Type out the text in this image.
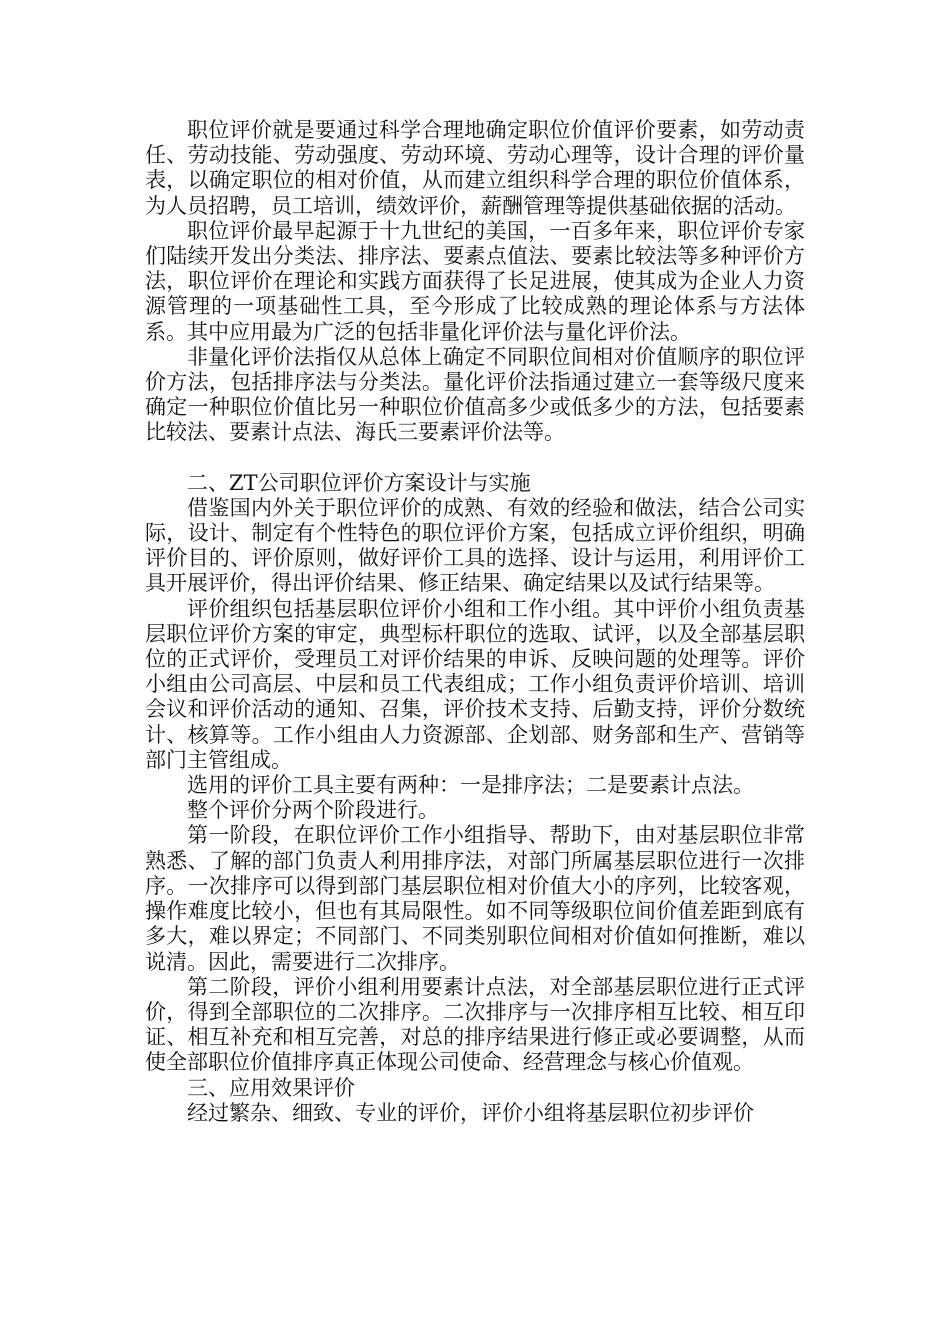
职位评价就是要通过科学合理地确定职位价值评价要素，如劳动责任、劳动技能、劳动强度、劳动环境、劳动心理等，设计合理的评价量表，以确定职位的相对价值，从而建立组织科学合理的职位价值体系，为人员招聘，员工培训，绩效评价，薪酬管理等提供基础依据的活动。

职位评价最早起源于十九世纪的美国，一百多年来，职位评价专家们陆续开发出分类法、排序法、要素点值法、要素比较法等多种评价方法，职位评价在理论和实践方面获得了长足进展，使其成为企业人力资源管理的一项基础性工具，至今形成了比较成熟的理论体系与方法体系。其中应用最为广泛的包括非量化评价法与量化评价法。

非量化评价法指仅从总体上确定不同职位间相对价值顺序的职位评价方法，包括排序法与分类法。量化评价法指通过建立一套等级尺度来确定一种职位价值比另一种职位价值高多少或低多少的方法，包括要素比较法、要素计点法、海氏三要素评价法等。

二、ZT公司职位评价方案设计与实施

借鉴国内外关于职位评价的成熟、有效的经验和做法，结合公司实际，设计、制定有个性特色的职位评价方案，包括成立评价组织，明确评价目的、评价原则，做好评价工具的选择、设计与运用，利用评价工具开展评价，得出评价结果、修正结果、确定结果以及试行结果等。

评价组织包括基层职位评价小组和工作小组。其中评价小组负责基层职位评价方案的审定，典型标杆职位的选取、试评，以及全部基层职位的正式评价，受理员工对评价结果的申诉、反映问题的处理等。评价小组由公司高层、中层和员工代表组成；工作小组负责评价培训、培训会议和评价活动的通知、召集，评价技术支持、后勤支持，评价分数统计、核算等。工作小组由人力资源部、企划部、财务部和生产、营销等部门主管组成。

选用的评价工具主要有两种：一是排序法；二是要素计点法。

整个评价分两个阶段进行。

第一阶段，在职位评价工作小组指导、帮助下，由对基层职位非常熟悉、了解的部门负责人利用排序法，对部门所属基层职位进行一次排序。一次排序可以得到部门基层职位相对价值大小的序列，比较客观，操作难度比较小，但也有其局限性。如不同等级职位间价值差距到底有多大，难以界定；不同部门、不同类别职位间相对价值如何推断，难以说清。因此，需要进行二次排序。

第二阶段，评价小组利用要素计点法，对全部基层职位进行正式评价，得到全部职位的二次排序。二次排序与一次排序相互比较、相互印证、相互补充和相互完善，对总的排序结果进行修正或必要调整，从而使全部职位价值排序真正体现公司使命、经营理念与核心价值观。

三、应用效果评价

经过繁杂、细致、专业的评价，评价小组将基层职位初步评价
